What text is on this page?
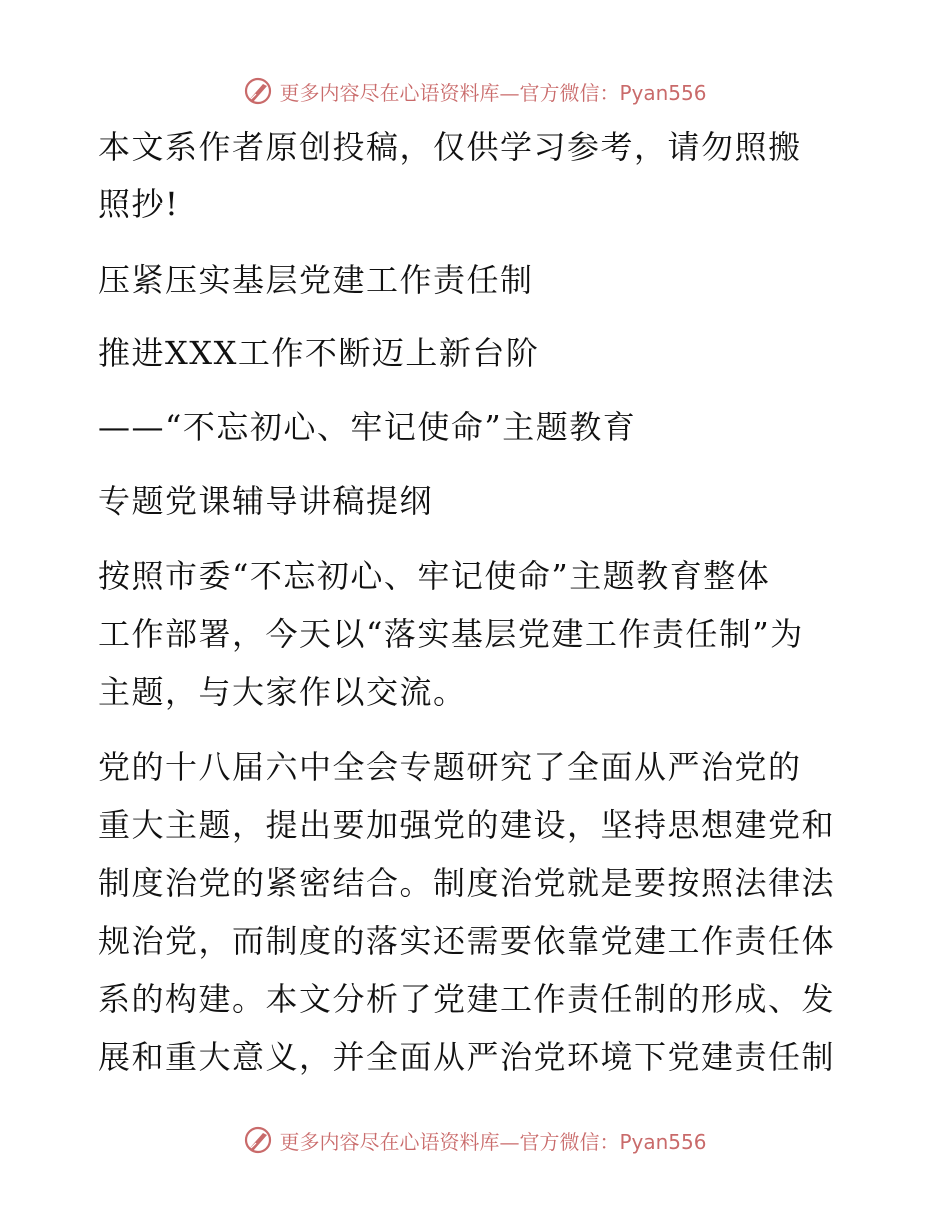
更多内容尽在心语资料库— 官方微信：Pyan556
本文系作者原创投稿，仅供学习参考，请勿照搬
照抄!
压紧压实基层党建工作责任制
推进XXX工作不断迈上新台阶
——“不忘初心、牢记使命”主题教育
专题党课辅导讲稿提纲
按照市委“不忘初心、牢记使命”主题教育整体
工作部署，今天以“落实基层党建工作责任制”为
主题，与大家作以交流。
党的十八届六中全会专题研究了全面从严治党的
重大主题，提出要加强党的建设，坚持思想建党和
制度治党的紧密结合。制度治党就是要按照法律法
规治党，而制度的落实还需要依靠党建工作责任体
系的构建。本文分析了党建工作责任制的形成、发
展和重大意义，并全面从严治党环境下党建责任制
更多内容尽在心语资料库— 官方微信：Pyan556
